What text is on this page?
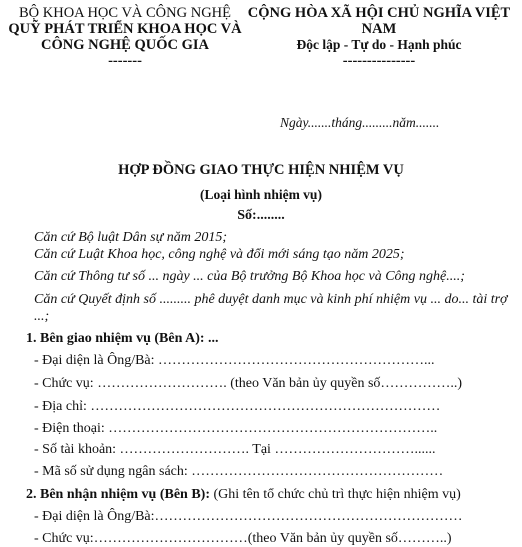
BỘ KHOA HỌC VÀ CÔNG NGHỆ
QUỸ PHÁT TRIỂN KHOA HỌC VÀ CÔNG NGHỆ QUỐC GIA
-------
CỘNG HÒA XÃ HỘI CHỦ NGHĨA VIỆT NAM
Độc lập - Tự do - Hạnh phúc
---------------
Ngày.......tháng.........năm.......
HỢP ĐỒNG GIAO THỰC HIỆN NHIỆM VỤ
(Loại hình nhiệm vụ)
Số:........
Căn cứ Bộ luật Dân sự năm 2015;
Căn cứ Luật Khoa học, công nghệ và đổi mới sáng tạo năm 2025;
Căn cứ Thông tư số ... ngày ... của Bộ trưởng Bộ Khoa học và Công nghệ....;
Căn cứ Quyết định số ......... phê duyệt danh mục và kinh phí nhiệm vụ ... do... tài trợ ...;
1. Bên giao nhiệm vụ (Bên A): ...
- Đại diện là Ông/Bà: …………………………………………………...
- Chức vụ: ………………………. (theo Văn bản ủy quyền số……………..)
- Địa chỉ: …………………………………………………………………
- Điện thoại: ……………………………………………………………..
- Số tài khoản: ………………………. Tại …………………………......
- Mã số sử dụng ngân sách: ………………………………………………
2. Bên nhận nhiệm vụ (Bên B): (Ghi tên tổ chức chủ trì thực hiện nhiệm vụ)
- Đại diện là Ông/Bà:…………………………………………………………
- Chức vụ:……………………………(theo Văn bản ủy quyền số………..)
